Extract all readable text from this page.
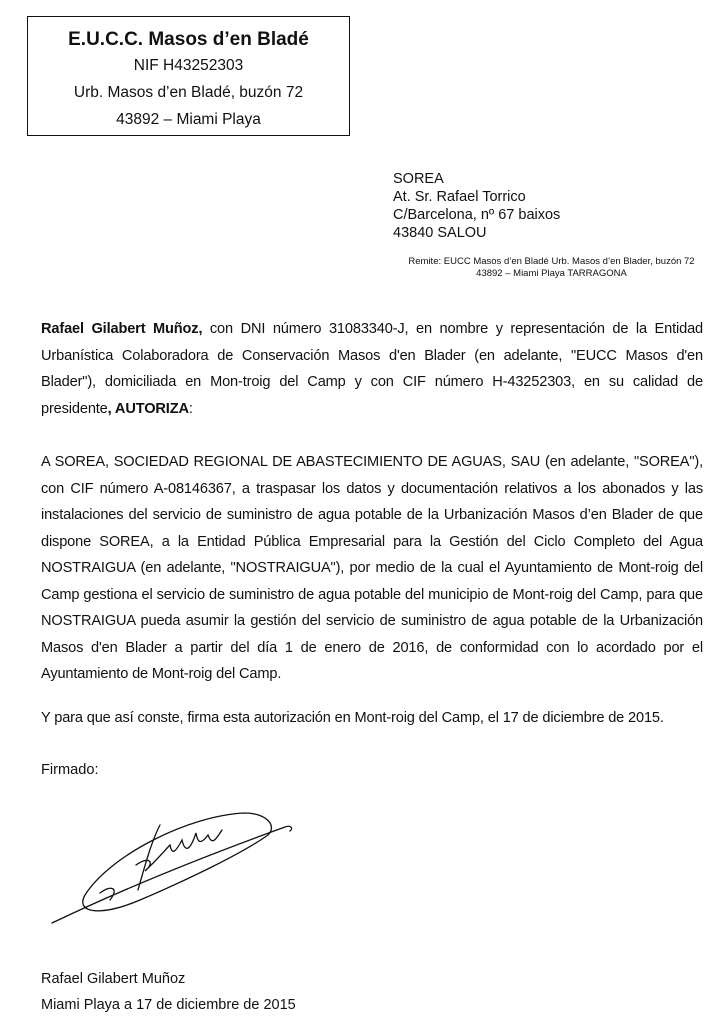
E.U.C.C. Masos d’en Bladé
NIF H43252303
Urb. Masos d’en Bladé, buzón 72
43892 – Miami Playa
SOREA
At. Sr. Rafael Torrico
C/Barcelona, nº 67 baixos
43840 SALOU
Remite: EUCC Masos d’en Bladé Urb. Masos d’en Blader, buzón 72
43892 – Miami Playa TARRAGONA
Rafael Gilabert Muñoz, con DNI número 31083340-J, en nombre y representación de la Entidad Urbanística Colaboradora de Conservación Masos d'en Blader (en adelante, "EUCC Masos d'en Blader"), domiciliada en Mon-troig del Camp y con CIF número H-43252303, en su calidad de presidente, AUTORIZA:
A SOREA, SOCIEDAD REGIONAL DE ABASTECIMIENTO DE AGUAS, SAU (en adelante, "SOREA"), con CIF número A-08146367, a traspasar los datos y documentación relativos a los abonados y las instalaciones del servicio de suministro de agua potable de la Urbanización Masos d’en Blader de que dispone SOREA, a la Entidad Pública Empresarial para la Gestión del Ciclo Completo del Agua NOSTRAIGUA (en adelante, "NOSTRAIGUA"), por medio de la cual el Ayuntamiento de Mont-roig del Camp gestiona el servicio de suministro de agua potable del municipio de Mont-roig del Camp, para que NOSTRAIGUA pueda asumir la gestión del servicio de suministro de agua potable de la Urbanización Masos d'en Blader a partir del día 1 de enero de 2016, de conformidad con lo acordado por el Ayuntamiento de Mont-roig del Camp.
Y para que así conste, firma esta autorización en Mont-roig del Camp, el 17 de diciembre de 2015.
Firmado:
Rafael Gilabert Muñoz
Miami Playa a 17 de diciembre de 2015
